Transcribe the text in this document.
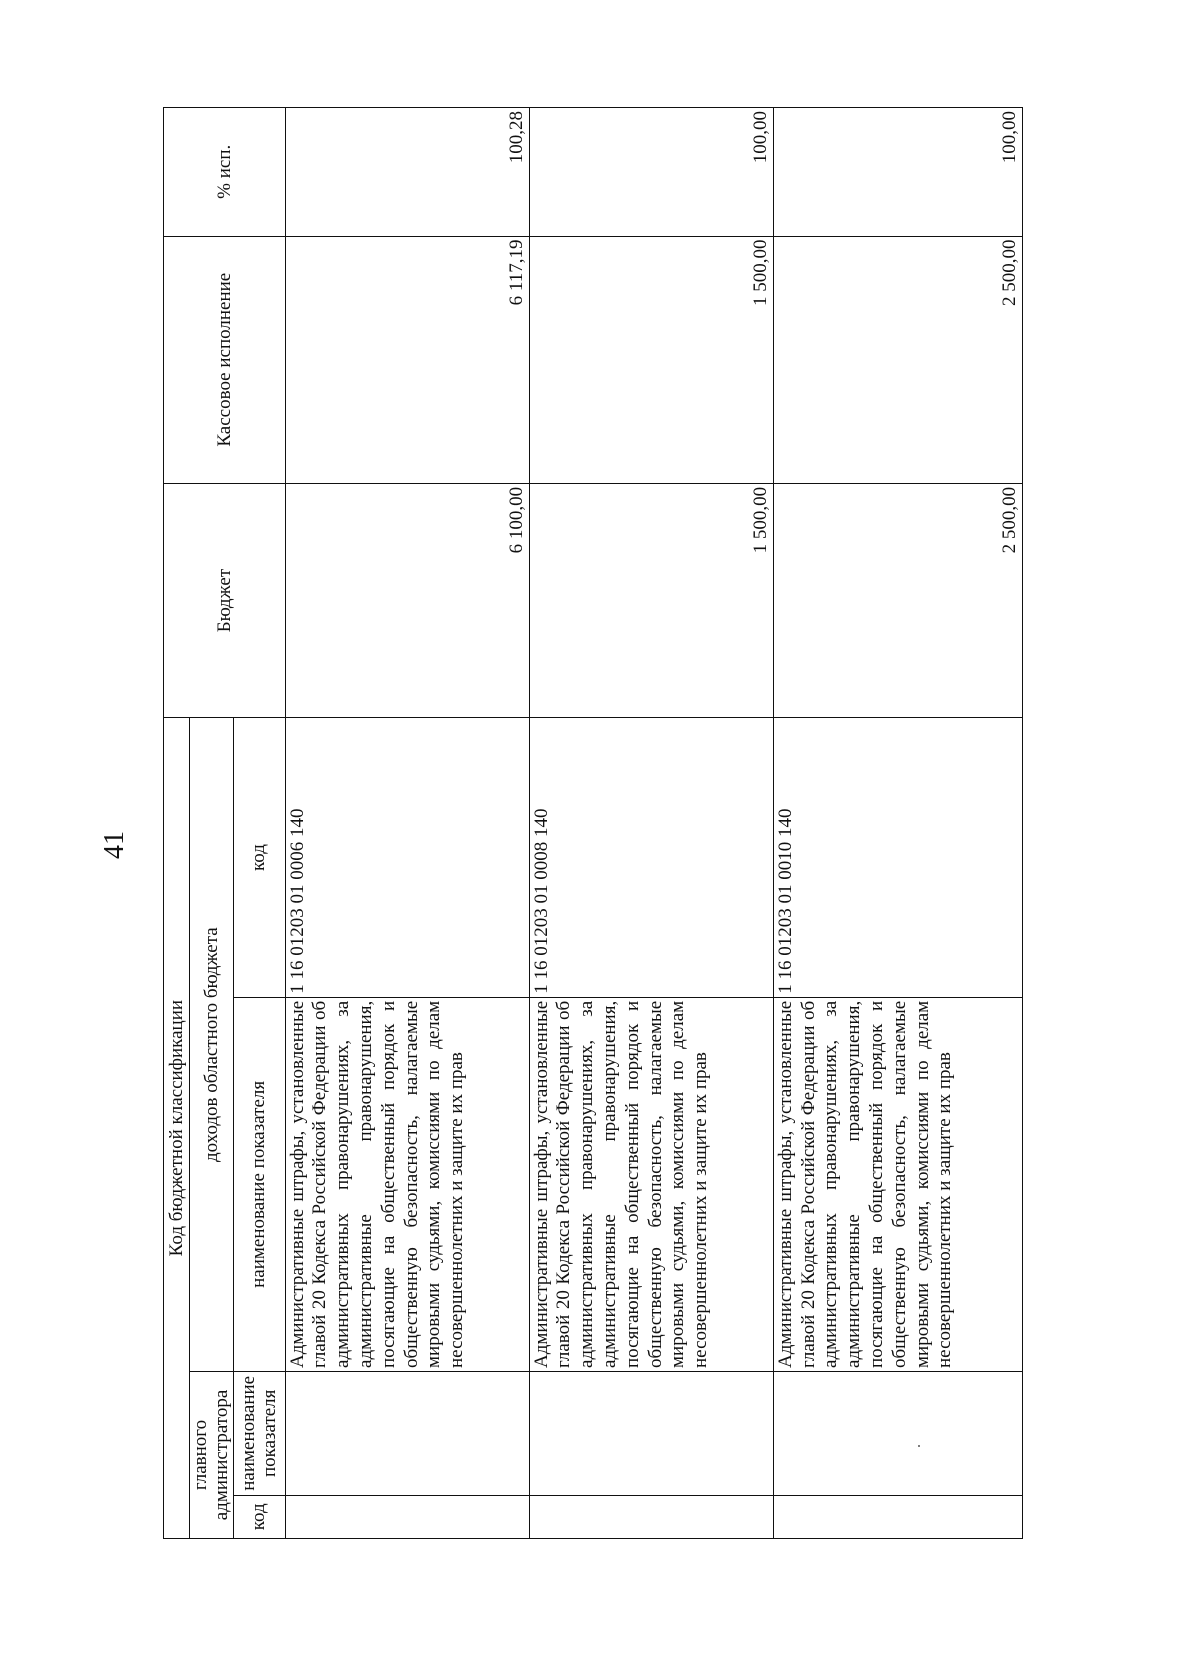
41
Код бюджетной классификации				Бюджет	Кассовое исполнение	% исп.
главного администратора		доходов областного бюджета				
код	наименование показателя	наименование показателя	код			
		Административные штрафы, установленные главой 20 Кодекса Российской Федерации об административных правонарушениях, за административные правонарушения, посягающие на общественный порядок и общественную безопасность, налагаемые мировыми судьями, комиссиями по делам несовершеннолетних и защите их прав	1 16 01203 01 0006 140	6 100,00	6 117,19	100,28
		Административные штрафы, установленные главой 20 Кодекса Российской Федерации об административных правонарушениях, за административные правонарушения, посягающие на общественный порядок и общественную безопасность, налагаемые мировыми судьями, комиссиями по делам несовершеннолетних и защите их прав	1 16 01203 01 0008 140	1 500,00	1 500,00	100,00
		Административные штрафы, установленные главой 20 Кодекса Российской Федерации об административных правонарушениях, за административные правонарушения, посягающие на общественный порядок и общественную безопасность, налагаемые мировыми судьями, комиссиями по делам несовершеннолетних и защите их прав	1 16 01203 01 0010 140	2 500,00	2 500,00	100,00
